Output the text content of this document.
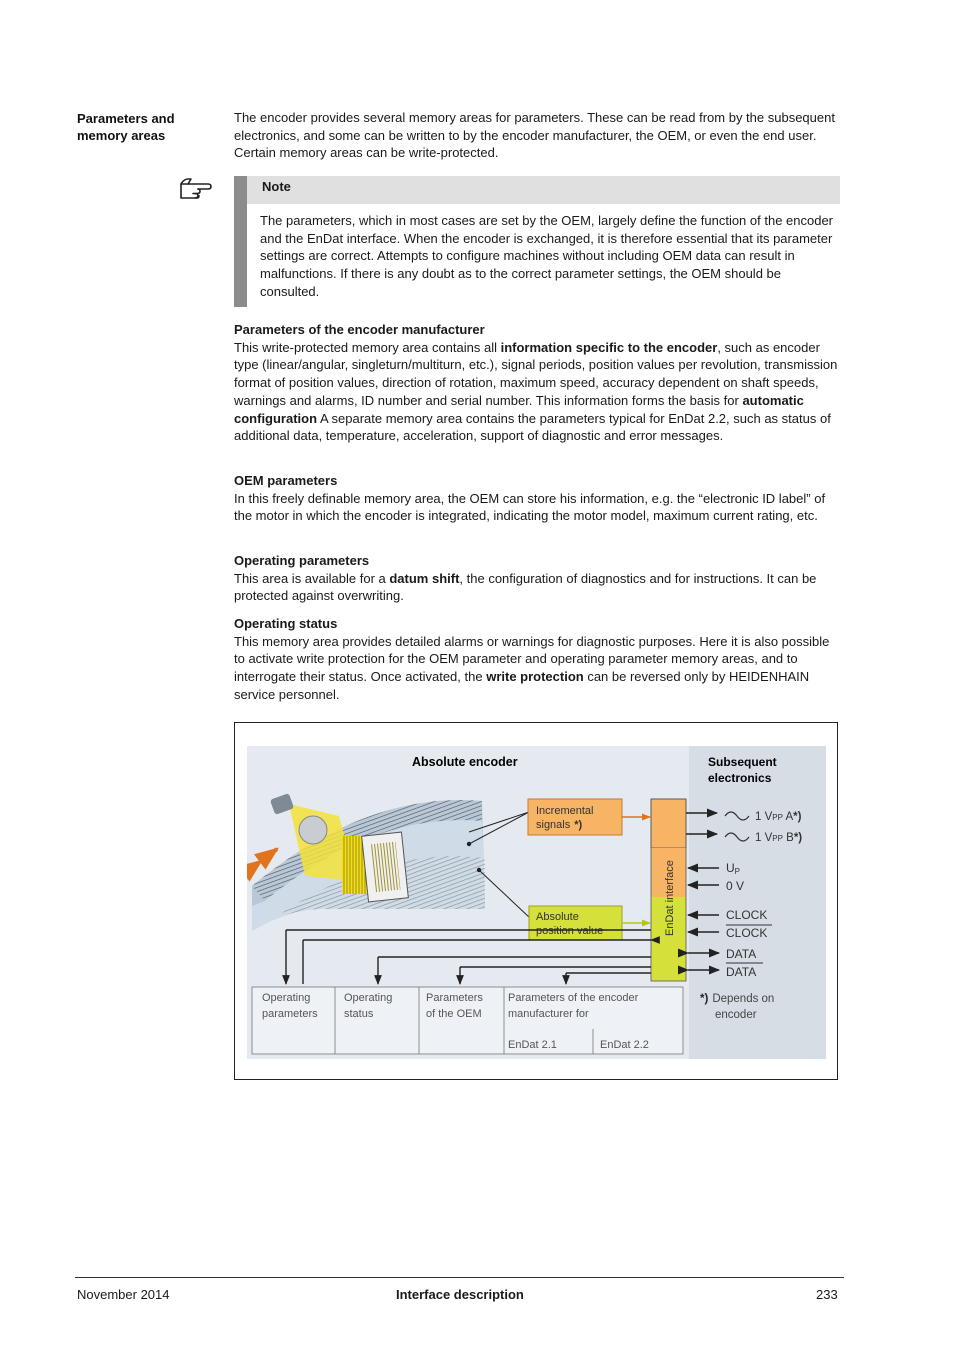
Parameters and memory areas
The encoder provides several memory areas for parameters. These can be read from by the subsequent electronics, and some can be written to by the encoder manufacturer, the OEM, or even the end user. Certain memory areas can be write-protected.
Note
The parameters, which in most cases are set by the OEM, largely define the function of the encoder and the EnDat interface. When the encoder is exchanged, it is therefore essential that its parameter settings are correct. Attempts to configure machines without including OEM data can result in malfunctions. If there is any doubt as to the correct parameter settings, the OEM should be consulted.
Parameters of the encoder manufacturer

This write-protected memory area contains all information specific to the encoder, such as encoder type (linear/angular, singleturn/multiturn, etc.), signal periods, position values per revolution, transmission format of position values, direction of rotation, maximum speed, accuracy dependent on shaft speeds, warnings and alarms, ID number and serial number. This information forms the basis for automatic configuration A separate memory area contains the parameters typical for EnDat 2.2, such as status of additional data, temperature, acceleration, support of diagnostic and error messages.

OEM parameters

In this freely definable memory area, the OEM can store his information, e.g. the “electronic ID label” of the motor in which the encoder is integrated, indicating the motor model, maximum current rating, etc.

Operating parameters

This area is available for a datum shift, the configuration of diagnostics and for instructions. It can be protected against overwriting.

Operating status

This memory area provides detailed alarms or warnings for diagnostic purposes. Here it is also possible to activate write protection for the OEM parameter and operating parameter memory areas, and to interrogate their status. Once activated, the write protection can be reversed only by HEIDENHAIN service personnel.

Absolute encoder	Subsequent
electronics
Incremental
signals *)
Absolute
position value	EnDat interface
1 VPP A*)
1 VPP B*)
UP
0 V
CLOCK
CLOCK
DATA
DATA
Operating
parameters
Operating
status
Parameters
of the OEM
Parameters of the encoder
manufacturer for
EnDat 2.1	EnDat 2.2
*) Depends on
encoder
November 2014	Interface description	233
